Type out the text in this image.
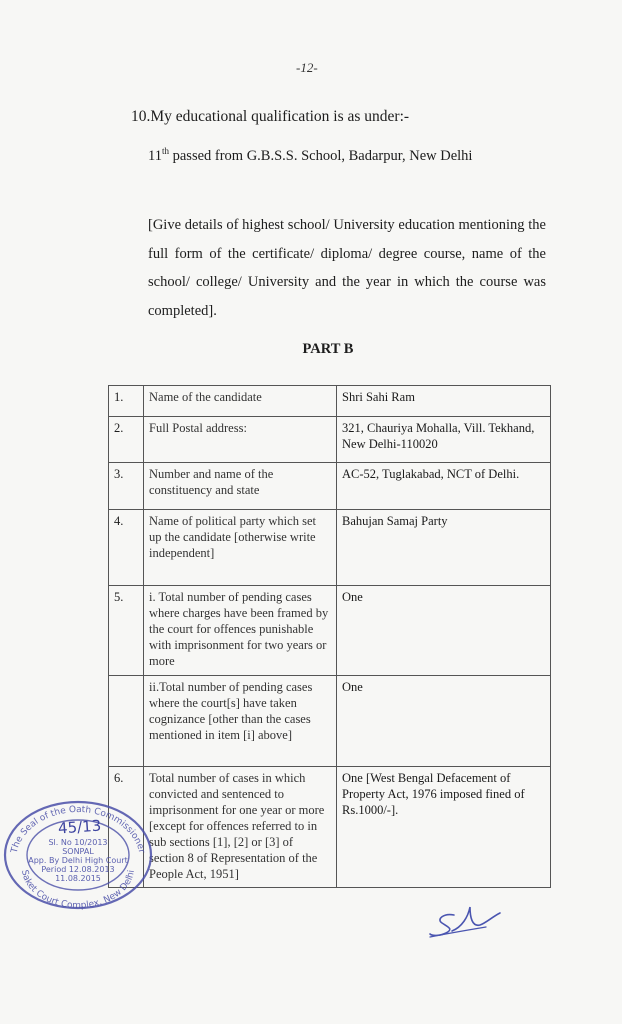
-12-
10.My educational qualification is as under:-
11th passed from G.B.S.S. School, Badarpur, New Delhi
[Give details of highest school/ University education mentioning the full form of the certificate/ diploma/ degree course, name of the school/ college/ University and the year in which the course was completed].
PART B
1.	Name of the candidate	Shri Sahi Ram
2.	Full Postal address:	321, Chauriya Mohalla, Vill. Tekhand, New Delhi-110020
3.	Number and name of the constituency and state	AC-52, Tuglakabad, NCT of Delhi.
4.	Name of political party which set up the candidate [otherwise write independent]	Bahujan Samaj Party
5.	i. Total number of pending cases where charges have been framed by the court for offences punishable with imprisonment for two years or more	One
	ii.Total number of pending cases where the court[s] have taken cognizance [other than the cases mentioned in item [i] above]	One
6.	Total number of cases in which convicted and sentenced to imprisonment for one year or more [except for offences referred to in sub sections [1], [2] or [3] of section 8 of Representation of the People Act, 1951]	One [West Bengal Defacement of Property Act, 1976 imposed fined of Rs.1000/-].
The Seal of the Oath Commissioner
Saket Court Complex, New Delhi
45/13
Sl. No 10/2013
SONPAL
App. By Delhi High Court
Period 12.08.2013
11.08.2015
